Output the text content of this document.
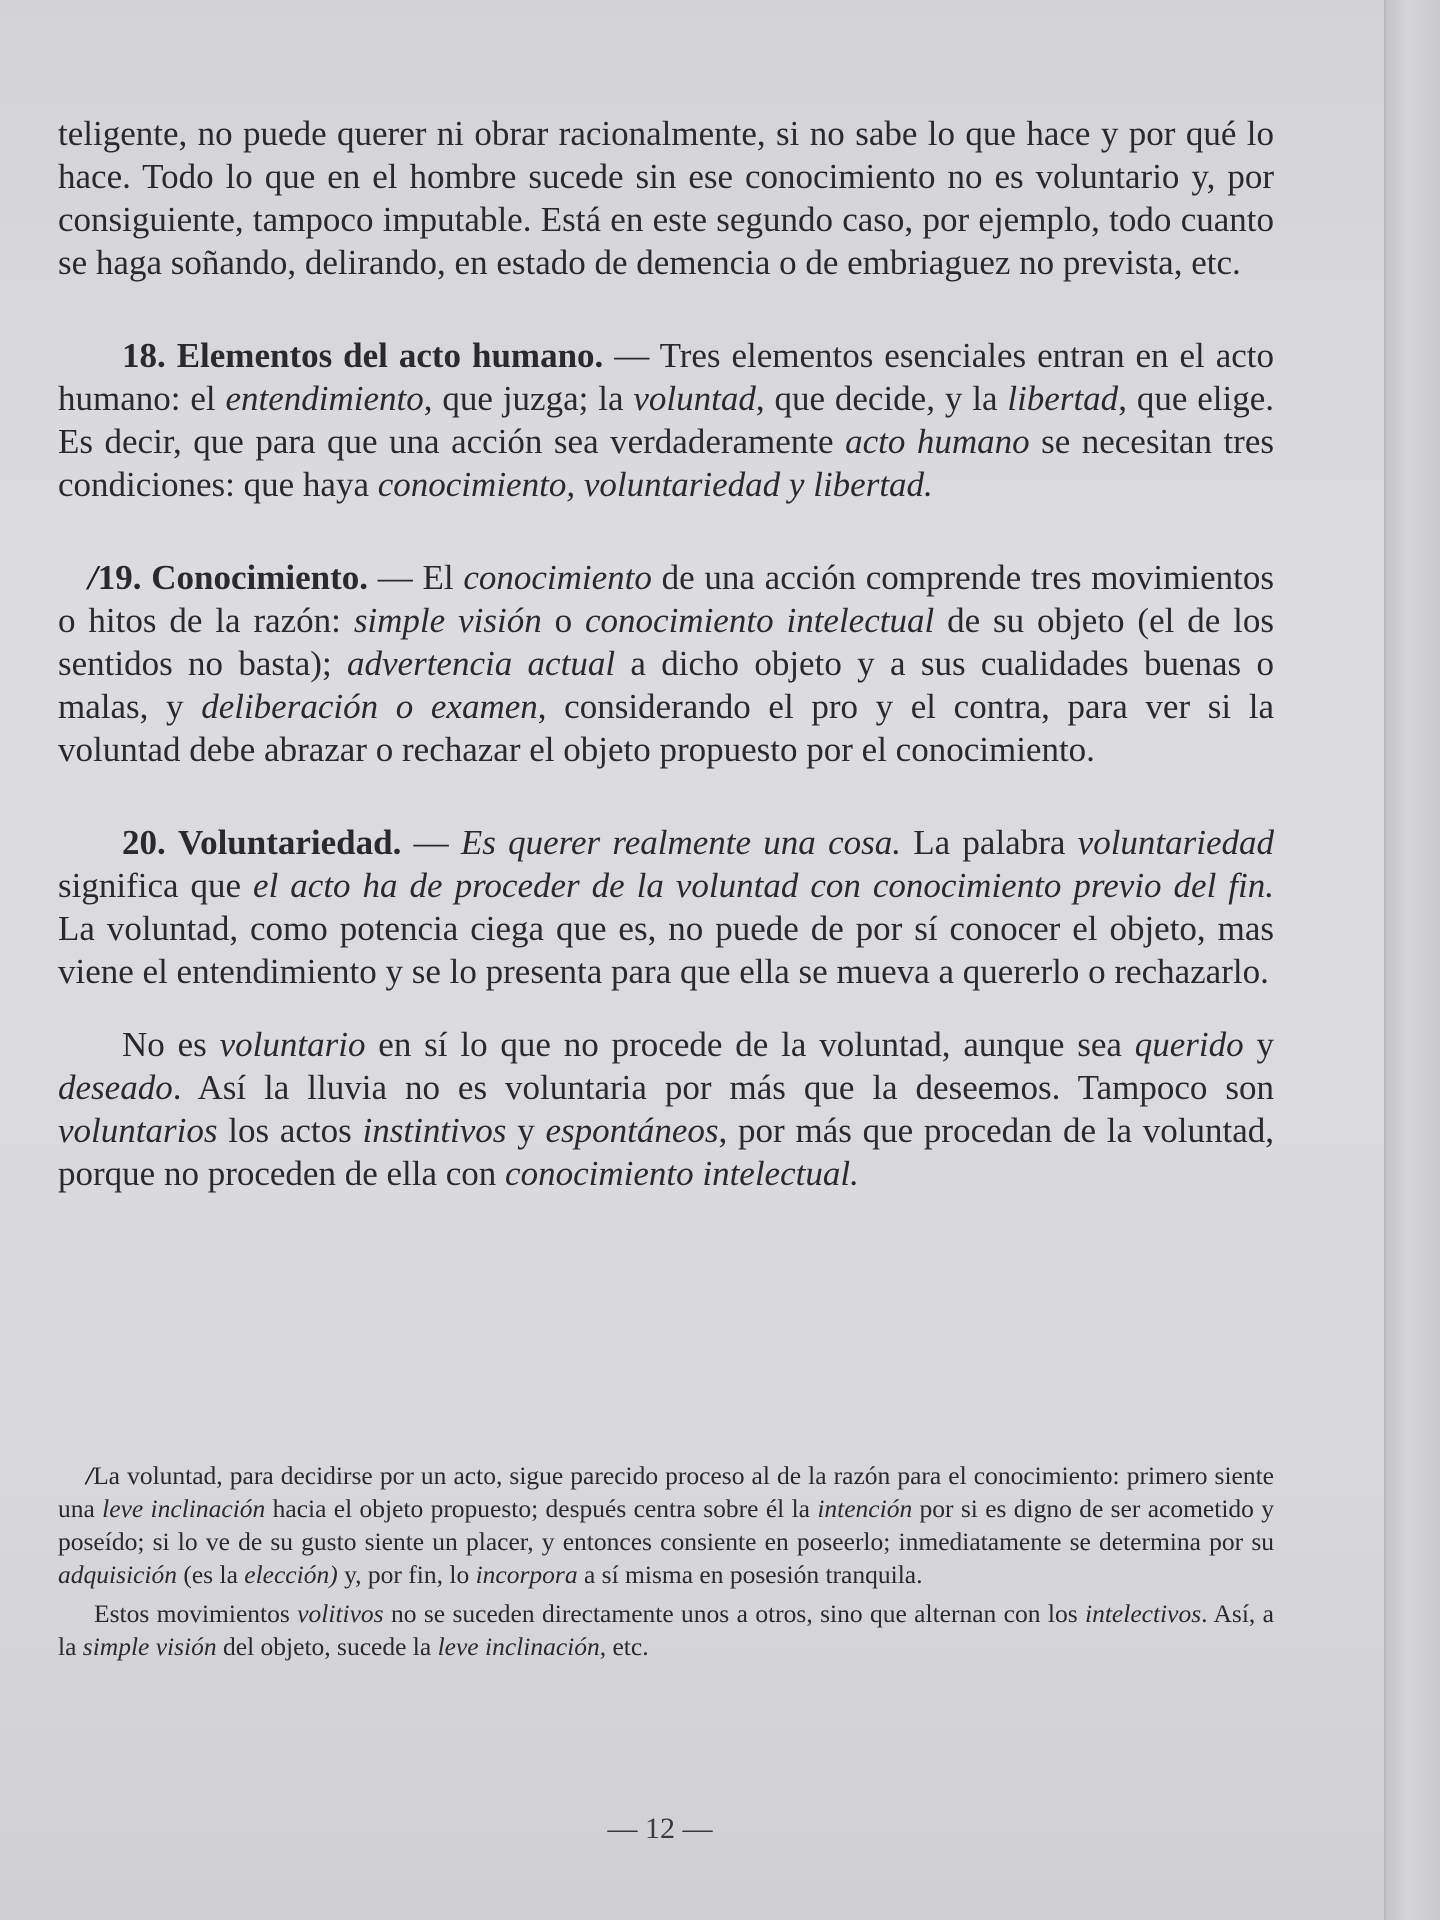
teligente, no puede querer ni obrar racionalmente, si no sabe lo que hace y por qué lo hace. Todo lo que en el hombre sucede sin ese conocimiento no es voluntario y, por consiguiente, tampoco imputable. Está en este segundo caso, por ejemplo, todo cuanto se haga soñando, delirando, en estado de demencia o de embriaguez no prevista, etc.

18. Elementos del acto humano. — Tres elementos esenciales entran en el acto humano: el entendimiento, que juzga; la voluntad, que decide, y la libertad, que elige. Es decir, que para que una acción sea verdaderamente acto humano se necesitan tres condiciones: que haya conocimiento, voluntariedad y libertad.

/19. Conocimiento. — El conocimiento de una acción comprende tres movimientos o hitos de la razón: simple visión o conocimiento intelectual de su objeto (el de los sentidos no basta); advertencia actual a dicho objeto y a sus cualidades buenas o malas, y deliberación o examen, considerando el pro y el contra, para ver si la voluntad debe abrazar o rechazar el objeto propuesto por el conocimiento.

20. Voluntariedad. — Es querer realmente una cosa. La palabra voluntariedad significa que el acto ha de proceder de la voluntad con conocimiento previo del fin. La voluntad, como potencia ciega que es, no puede de por sí conocer el objeto, mas viene el entendimiento y se lo presenta para que ella se mueva a quererlo o rechazarlo.

No es voluntario en sí lo que no procede de la voluntad, aunque sea querido y deseado. Así la lluvia no es voluntaria por más que la deseemos. Tampoco son voluntarios los actos instintivos y espontáneos, por más que procedan de la voluntad, porque no proceden de ella con conocimiento intelectual.

/La voluntad, para decidirse por un acto, sigue parecido proceso al de la razón para el conocimiento: primero siente una leve inclinación hacia el objeto propuesto; después centra sobre él la intención por si es digno de ser acometido y poseído; si lo ve de su gusto siente un placer, y entonces consiente en poseerlo; inmediatamente se determina por su adquisición (es la elección) y, por fin, lo incorpora a sí misma en posesión tranquila.

Estos movimientos volitivos no se suceden directamente unos a otros, sino que alternan con los intelectivos. Así, a la simple visión del objeto, sucede la leve inclinación, etc.

— 12 —
